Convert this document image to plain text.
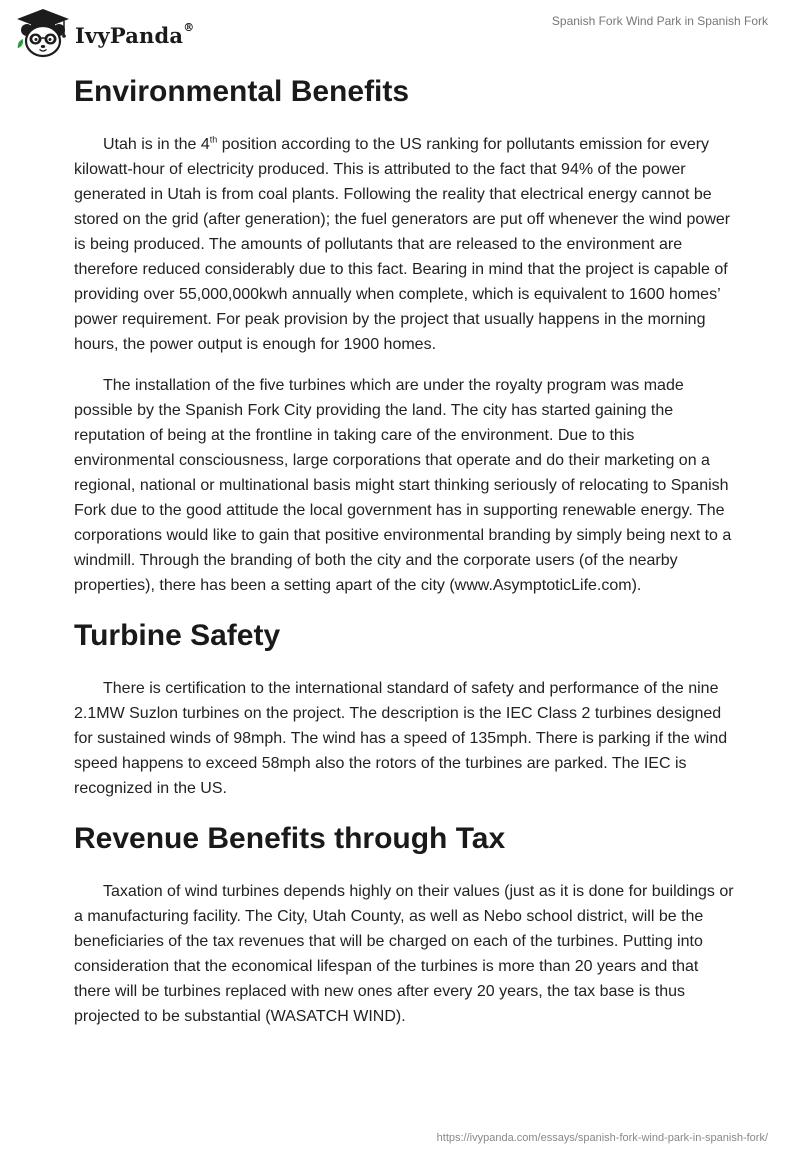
IvyPanda®	Spanish Fork Wind Park in Spanish Fork
Environmental Benefits

Utah is in the 4th position according to the US ranking for pollutants emission for every kilowatt-hour of electricity produced. This is attributed to the fact that 94% of the power generated in Utah is from coal plants. Following the reality that electrical energy cannot be stored on the grid (after generation); the fuel generators are put off whenever the wind power is being produced. The amounts of pollutants that are released to the environment are therefore reduced considerably due to this fact. Bearing in mind that the project is capable of providing over 55,000,000kwh annually when complete, which is equivalent to 1600 homes’ power requirement. For peak provision by the project that usually happens in the morning hours, the power output is enough for 1900 homes.

The installation of the five turbines which are under the royalty program was made possible by the Spanish Fork City providing the land. The city has started gaining the reputation of being at the frontline in taking care of the environment. Due to this environmental consciousness, large corporations that operate and do their marketing on a regional, national or multinational basis might start thinking seriously of relocating to Spanish Fork due to the good attitude the local government has in supporting renewable energy. The corporations would like to gain that positive environmental branding by simply being next to a windmill. Through the branding of both the city and the corporate users (of the nearby properties), there has been a setting apart of the city (www.AsymptoticLife.com).

Turbine Safety

There is certification to the international standard of safety and performance of the nine 2.1MW Suzlon turbines on the project. The description is the IEC Class 2 turbines designed for sustained winds of 98mph. The wind has a speed of 135mph. There is parking if the wind speed happens to exceed 58mph also the rotors of the turbines are parked. The IEC is recognized in the US.

Revenue Benefits through Tax

Taxation of wind turbines depends highly on their values (just as it is done for buildings or a manufacturing facility. The City, Utah County, as well as Nebo school district, will be the beneficiaries of the tax revenues that will be charged on each of the turbines. Putting into consideration that the economical lifespan of the turbines is more than 20 years and that there will be turbines replaced with new ones after every 20 years, the tax base is thus projected to be substantial (WASATCH WIND).

https://ivypanda.com/essays/spanish-fork-wind-park-in-spanish-fork/
